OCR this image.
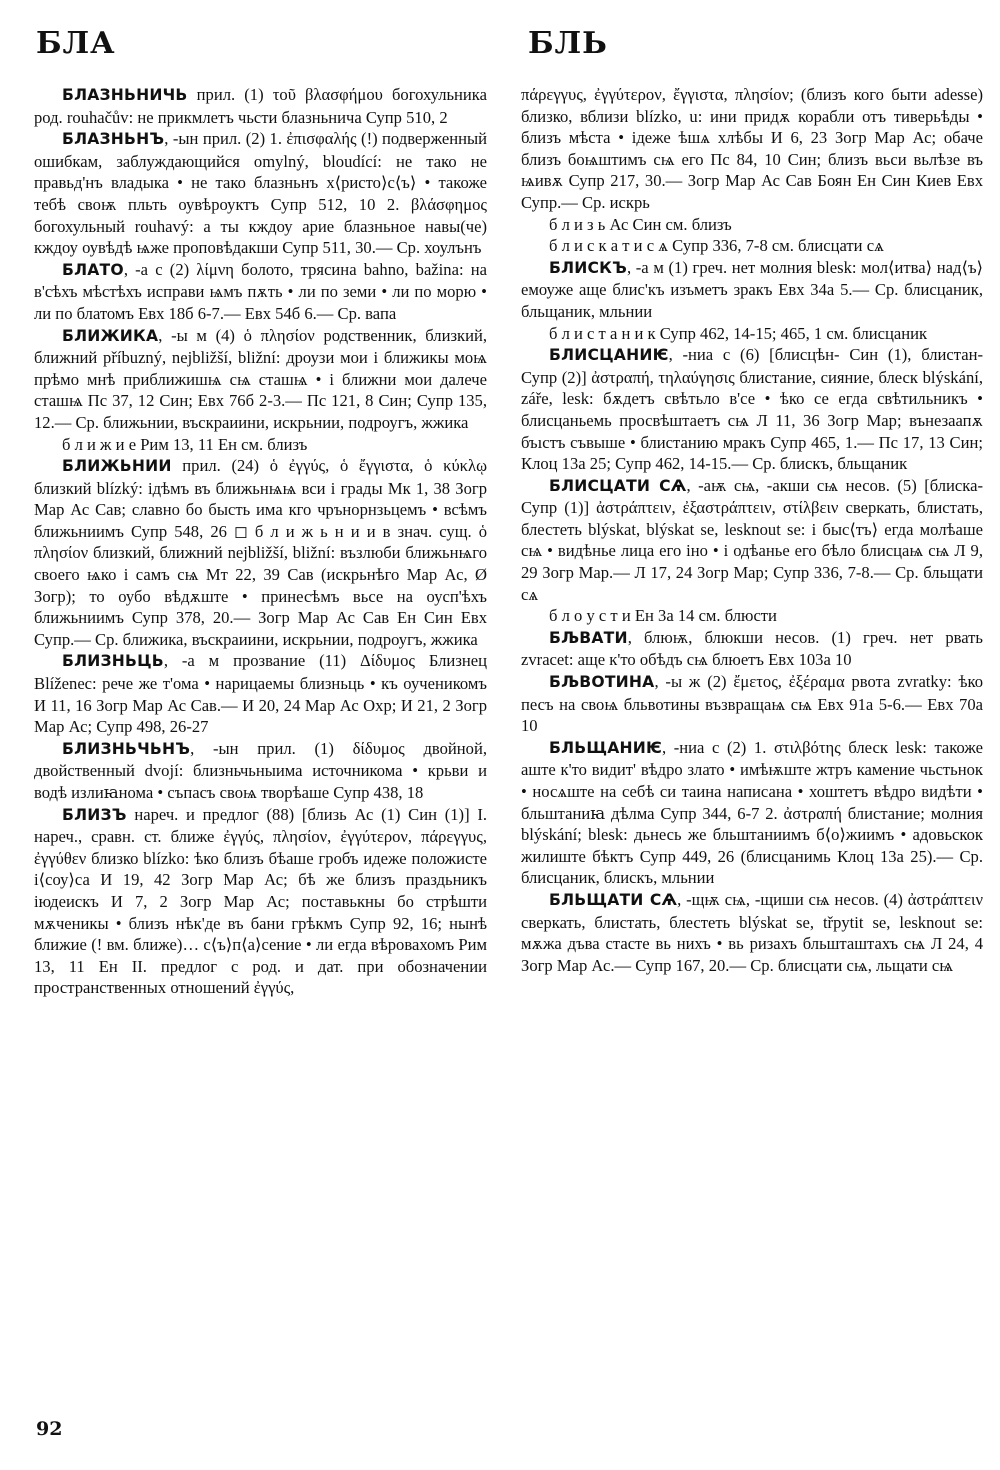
БЛА	БЛЬ

БЛАЗНЬНИЧЬ прил. (1) τοῦ βλασφήμου богохульника род. rouhačův: не прикмлетъ чьсти блазньнича Супр 510, 2

БЛАЗНЬНЪ, -ын прил. (2) 1. ἐπισφαλής (!) подверженный ошибкам, заблуждающийся omylný, bloudící: не тако не правьд'нъ владыка • не тако блазньнъ х⟨ристо⟩с⟨ъ⟩ • такоже тебѣ своѭ пльть оувѣроуктъ Супр 512, 10 2. βλάσφημος богохульный rouhavý: а ты кждоу арие блазньное навы(че) кждоу оувѣдѣ ѩже проповѣдакши Супр 511, 30.— Ср. хоулънъ

БЛАТО, -а с (2) λίμνη болото, трясина bahno, bažina: на в'сѣхъ мѣстѣхъ исправи ѩмъ пѫть • ли по земи • ли по морю • ли по блатомъ Евх 18б 6-7.— Евх 54б 6.— Ср. вапа

БЛИЖИКА, -ы м (4) ὁ πλησίον родственник, близкий, ближний příbuzný, nejbližší, bližní: дроузи мои і ближикы моѩ прѣмо мнѣ приближишѩ сѩ сташѩ • і ближни мои далече сташѩ Пс 37, 12 Син; Евх 76б 2-3.— Пс 121, 8 Син; Супр 135, 12.— Ср. ближьнии, въскраиини, искрьнии, подроугъ, жжика

б л и ж и е Рим 13, 11 Ен см. близъ

БЛИЖЬНИИ прил. (24) ὁ ἐγγύς, ὁ ἔγγιστα, ὁ κύκλῳ близкий blízký: ідѣмъ въ ближьнѩѩ вси і грады Мк 1, 38 Зогр Мар Ас Сав; славно бо бысть има кго чрънорнзьцемъ • всѣмъ ближьниимъ Супр 548, 26 ◻ б л и ж ь н и и в знач. сущ. ὁ πλησίον близкий, ближний nejbližší, bližní: възлюби ближьнѩго своего ѩко і самъ сѩ Мт 22, 39 Сав (искрьнѣго Мар Ас, Ø Зогр); то оубо вѣдѫште • принесѣмъ вьсе на оусп'ѣхъ ближьниимъ Супр 378, 20.— Зогр Мар Ас Сав Ен Син Евх Супр.— Ср. ближика, въскраиини, искрьнии, подроугъ, жжика

БЛИЗНЬЦЬ, -а м прозвание (11) Δίδυμος Близнец Blíženec: рече же т'ома • нарицаемы близньць • къ оученикомъ И 11, 16 Зогр Мар Ас Сав.— И 20, 24 Мар Ас Охр; И 21, 2 Зогр Мар Ас; Супр 498, 26-27

БЛИЗНЬЧЬНЪ, -ын прил. (1) δίδυμος двойной, двойственный dvojí: близньчьныима источникома • крьви и водѣ излиꙗнома • съпасъ своѩ творѣаше Супр 438, 18

БЛИЗЪ нареч. и предлог (88) [близь Ас (1) Син (1)] I. нареч., сравн. ст. ближе ἐγγύς, πλησίον, ἐγγύτερον, πάρεγγυς, ἐγγύθεν близко blízko: ѣко близъ бѣаше гробъ идеже положисте і⟨соу⟩са И 19, 42 Зогр Мар Ас; бѣ же близъ праздьникъ іюдеискъ И 7, 2 Зогр Мар Ас; поставькны бо стрѣшти мѫченикы • близъ нѣк'де въ бани грѣкмъ Супр 92, 16; нынѣ ближие (! вм. ближе)… с⟨ъ⟩п⟨а⟩сение • ли егда вѣровахомъ Рим 13, 11 Ен II. предлог с род. и дат. при обозначении пространственных отношений ἐγγύς,

πάρεγγυς, ἐγγύτερον, ἔγγιστα, πλησίον; (близъ кого быти adesse) близко, вблизи blízko, u: ини придѫ корабли отъ тиверьѣды • близъ мѣста • ідеже ѣшѧ хлѣбы И 6, 23 Зогр Мар Ас; обаче близъ боѩштимъ сѩ его Пс 84, 10 Син; близъ вьси вьлѣзе въ ѩивѫ Супр 217, 30.— Зогр Мар Ас Сав Боян Ен Син Киев Евх Супр.— Ср. искрь

б л и з ь Ас Син см. близъ

б л и с к а т и с ѧ Супр 336, 7-8 см. блисцати сѧ

БЛИСКЪ, -а м (1) греч. нет молния blesk: мол⟨итва⟩ над⟨ъ⟩ емоуже аще блис'къ изъметъ зракъ Евх 34а 5.— Ср. блисцаник, бльщаник, мльнии

б л и с т а н и к Супр 462, 14-15; 465, 1 см. блисцаник

БЛИСЦАНИѤ, -ниа с (6) [блисцѣн- Син (1), блистан- Супр (2)] ἀστραπή, τηλαύγησις блистание, сияние, блеск blýskání, záře, lesk: бѫдетъ свѣтьло в'се • ѣко се егда свѣтильникъ • блисцаньемь просвѣштаетъ сѩ Л 11, 36 Зогр Мар; вънезаапѫ бъıстъ съвыше • блистанию мракъ Супр 465, 1.— Пс 17, 13 Син; Клоц 13а 25; Супр 462, 14-15.— Ср. блискъ, бльщаник

БЛИСЦАТИ СѦ, -аѭ сѩ, -акши сѩ несов. (5) [блиска- Супр (1)] ἀστράπτειν, ἐξαστράπτειν, στίλβειν сверкать, блистать, блестеть blýskat, blýskat se, lesknout se: і быс⟨тъ⟩ егда молѣаше сѩ • видѣнье лица его іно • і одѣанье его бѣло блисцаѩ сѩ Л 9, 29 Зогр Мар.— Л 17, 24 Зогр Мар; Супр 336, 7-8.— Ср. бльщати сѧ

б л о у с т и Ен 3а 14 см. блюсти

БЉВАТИ, блюѭ, блюкши несов. (1) греч. нет рвать zvracet: аще к'то обѣдъ сѩ блюетъ Евх 103а 10

БЉВОТИНА, -ы ж (2) ἔμετος, ἐξέραμα рвота zvratky: ѣко песъ на своѩ бльвотины възвращаѩ сѩ Евх 91а 5-6.— Евх 70а 10

БЛЬЩАНИѤ, -ниа с (2) 1. στιλβότης блеск lesk: такоже аште к'то видит' вѣдро злато • имѣѭште жтръ камение чьстьнок • носѧште на себѣ си тaина написана • хоштетъ вѣдро видѣти • бльштаниꙗ дѣлма Супр 344, 6-7 2. ἀστραπή блистание; молния blýskání; blesk: дьнесь же бльштаниимъ б⟨о⟩жиимъ • адовьскок жилиште бѣктъ Супр 449, 26 (блисцанимь Клоц 13а 25).— Ср. блисцаник, блискъ, мльнии

БЛЬЩАТИ СѦ, -щѭ сѩ, -щиши сѩ несов. (4) ἀστράπτειν сверкать, блистать, блестеть blýskat se, třpytit se, lesknout se: мѫжа дъва стасте вь нихъ • вь ризахъ бльшташтахъ сѩ Л 24, 4 Зогр Мар Ас.— Супр 167, 20.— Ср. блисцати сѩ, льщати сѩ

92
